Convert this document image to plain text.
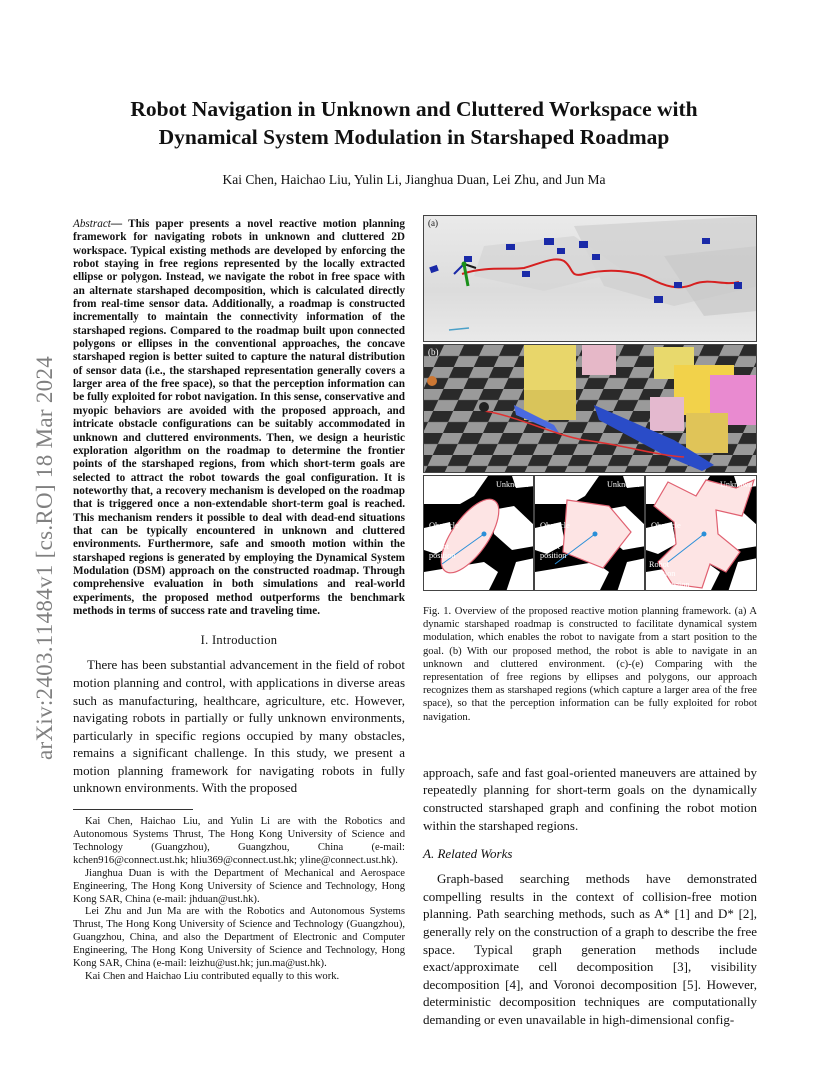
arXiv:2403.11484v1 [cs.RO] 18 Mar 2024
Robot Navigation in Unknown and Cluttered Workspace with Dynamical System Modulation in Starshaped Roadmap
Kai Chen, Haichao Liu, Yulin Li, Jianghua Duan, Lei Zhu, and Jun Ma

Abstract— This paper presents a novel reactive motion planning framework for navigating robots in unknown and cluttered 2D workspace. Typical existing methods are developed by enforcing the robot staying in free regions represented by the locally extracted ellipse or polygon. Instead, we navigate the robot in free space with an alternate starshaped decomposition, which is calculated directly from real-time sensor data. Additionally, a roadmap is constructed incrementally to maintain the connectivity information of the starshaped regions. Compared to the roadmap built upon connected polygons or ellipses in the conventional approaches, the concave starshaped region is better suited to capture the natural distribution of sensor data (i.e., the starshaped representation generally covers a larger area of the free space), so that the perception information can be fully exploited for robot navigation. In this sense, conservative and myopic behaviors are avoided with the proposed approach, and intricate obstacle configurations can be suitably accommodated in unknown and cluttered environments. Then, we design a heuristic exploration algorithm on the roadmap to determine the frontier points of the starshaped regions, from which short-term goals are selected to attract the robot towards the goal configuration. It is noteworthy that, a recovery mechanism is developed on the roadmap that is triggered once a non-extendable short-term goal is reached. This mechanism renders it possible to deal with dead-end situations that can be typically encountered in unknown and cluttered environments. Furthermore, safe and smooth motion within the starshaped regions is generated by employing the Dynamical System Modulation (DSM) approach on the constructed roadmap. Through comprehensive evaluation in both simulations and real-world experiments, the proposed method outperforms the benchmark methods in terms of success rate and traveling time.

I. Introduction

There has been substantial advancement in the field of robot motion planning and control, with applications in diverse areas such as manufacturing, healthcare, agriculture, etc. However, navigating robots in partially or fully unknown environments, particularly in specific regions occupied by many obstacles, remains a significant challenge. In this study, we present a motion planning framework for navigating robots in fully unknown environments. With the proposed

Kai Chen, Haichao Liu, and Yulin Li are with the Robotics and Autonomous Systems Thrust, The Hong Kong University of Science and Technology (Guangzhou), Guangzhou, China (e-mail: kchen916@connect.ust.hk; hliu369@connect.ust.hk; yline@connect.ust.hk).

Jianghua Duan is with the Department of Mechanical and Aerospace Engineering, The Hong Kong University of Science and Technology, Hong Kong SAR, China (e-mail: jhduan@ust.hk).

Lei Zhu and Jun Ma are with the Robotics and Autonomous Systems Thrust, The Hong Kong University of Science and Technology (Guangzhou), Guangzhou, China, and also the Department of Electronic and Computer Engineering, The Hong Kong University of Science and Technology, Hong Kong SAR, China (e-mail: leizhu@ust.hk; jun.ma@ust.hk).

Kai Chen and Haichao Liu contributed equally to this work.

(a)
(b)
(c)	Unknown
Obstacle
Robot position
Free region
(d)	Unknown
Obstacle
Robot position
Free region
(e)	Unknown
Obstacle
Robot position
Free region

Fig. 1. Overview of the proposed reactive motion planning framework. (a) A dynamic starshaped roadmap is constructed to facilitate dynamical system modulation, which enables the robot to navigate from a start position to the goal. (b) With our proposed method, the robot is able to navigate in an unknown and cluttered environment. (c)-(e) Comparing with the representation of free regions by ellipses and polygons, our approach recognizes them as starshaped regions (which capture a larger area of the free space), so that the perception information can be fully exploited for robot navigation.

approach, safe and fast goal-oriented maneuvers are attained by repeatedly planning for short-term goals on the dynamically constructed starshaped graph and confining the robot motion within the starshaped regions.

A. Related Works

Graph-based searching methods have demonstrated compelling results in the context of collision-free motion planning. Path searching methods, such as A* [1] and D* [2], generally rely on the construction of a graph to describe the free space. Typical graph generation methods include exact/approximate cell decomposition [3], visibility decomposition [4], and Voronoi decomposition [5]. However, deterministic decomposition techniques are computationally demanding or even unavailable in high-dimensional config-
